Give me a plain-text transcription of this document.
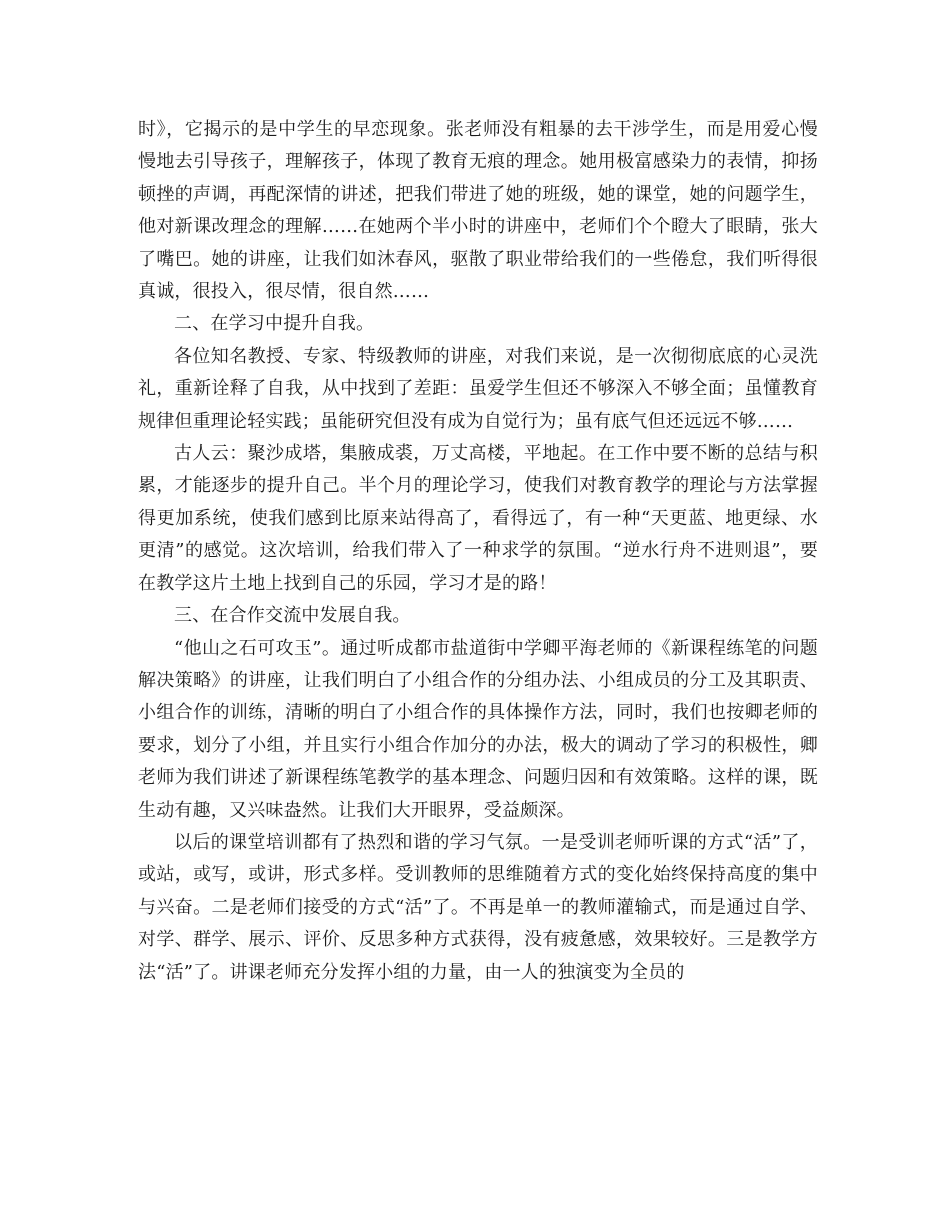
时》，它揭示的是中学生的早恋现象。张老师没有粗暴的去干涉学生，而是用爱心慢慢地去引导孩子，理解孩子，体现了教育无痕的理念。她用极富感染力的表情，抑扬顿挫的声调，再配深情的讲述，把我们带进了她的班级，她的课堂，她的问题学生，他对新课改理念的理解……在她两个半小时的讲座中，老师们个个瞪大了眼睛，张大了嘴巴。她的讲座，让我们如沐春风，驱散了职业带给我们的一些倦怠，我们听得很真诚，很投入，很尽情，很自然……

二、在学习中提升自我。

各位知名教授、专家、特级教师的讲座，对我们来说，是一次彻彻底底的心灵洗礼，重新诠释了自我，从中找到了差距：虽爱学生但还不够深入不够全面；虽懂教育规律但重理论轻实践；虽能研究但没有成为自觉行为；虽有底气但还远远不够……

古人云：聚沙成塔，集腋成裘，万丈高楼，平地起。在工作中要不断的总结与积累，才能逐步的提升自己。半个月的理论学习，使我们对教育教学的理论与方法掌握得更加系统，使我们感到比原来站得高了，看得远了，有一种“天更蓝、地更绿、水更清”的感觉。这次培训，给我们带入了一种求学的氛围。“逆水行舟不进则退”，要在教学这片土地上找到自己的乐园，学习才是的路！

三、在合作交流中发展自我。

“他山之石可攻玉”。通过听成都市盐道街中学卿平海老师的《新课程练笔的问题解决策略》的讲座，让我们明白了小组合作的分组办法、小组成员的分工及其职责、小组合作的训练，清晰的明白了小组合作的具体操作方法，同时，我们也按卿老师的要求，划分了小组，并且实行小组合作加分的办法，极大的调动了学习的积极性，卿老师为我们讲述了新课程练笔教学的基本理念、问题归因和有效策略。这样的课，既生动有趣，又兴味盎然。让我们大开眼界，受益颇深。

以后的课堂培训都有了热烈和谐的学习气氛。一是受训老师听课的方式“活”了，或站，或写，或讲，形式多样。受训教师的思维随着方式的变化始终保持高度的集中与兴奋。二是老师们接受的方式“活”了。不再是单一的教师灌输式，而是通过自学、对学、群学、展示、评价、反思多种方式获得，没有疲惫感，效果较好。三是教学方法“活”了。讲课老师充分发挥小组的力量，由一人的独演变为全员的
